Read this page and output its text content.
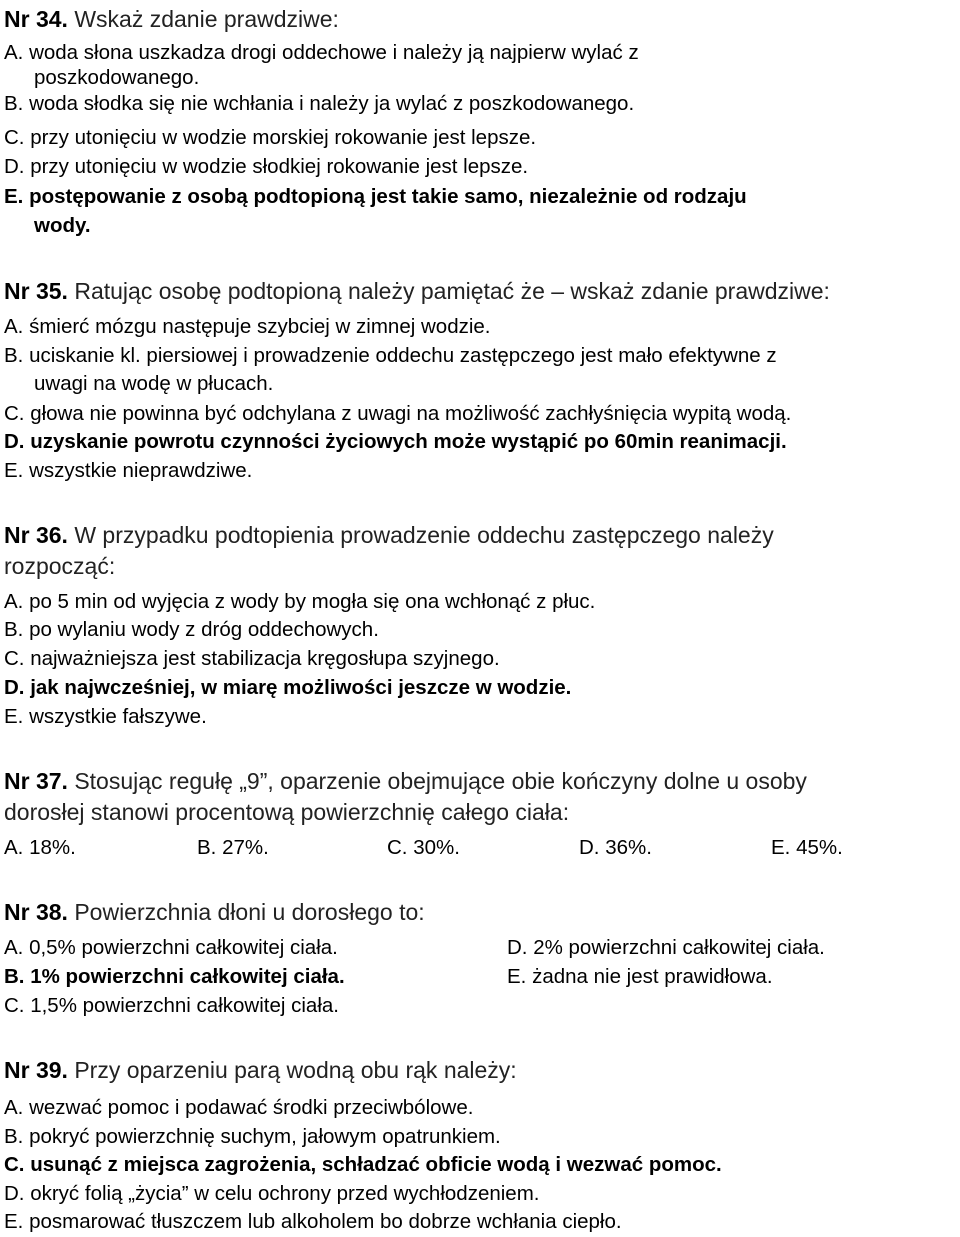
Nr 34. Wskaż zdanie prawdziwe:
A. woda słona uszkadza drogi oddechowe i należy ją najpierw wylać z
poszkodowanego.
B. woda słodka się nie wchłania i należy ja wylać z poszkodowanego.
C. przy utonięciu w wodzie morskiej rokowanie jest lepsze.
D. przy utonięciu w wodzie słodkiej rokowanie jest lepsze.
E. postępowanie z osobą podtopioną jest takie samo, niezależnie od rodzaju
wody.
Nr 35. Ratując osobę podtopioną należy pamiętać że – wskaż zdanie prawdziwe:
A. śmierć mózgu następuje szybciej w zimnej wodzie.
B. uciskanie kl. piersiowej i prowadzenie oddechu zastępczego jest mało efektywne z
uwagi na wodę w płucach.
C. głowa nie powinna być odchylana z uwagi na możliwość zachłyśnięcia wypitą wodą.
D. uzyskanie powrotu czynności życiowych może wystąpić po 60min reanimacji.
E. wszystkie nieprawdziwe.
Nr 36. W przypadku podtopienia prowadzenie oddechu zastępczego należy
rozpocząć:
A. po 5 min od wyjęcia z wody by mogła się ona wchłonąć z płuc.
B. po wylaniu wody z dróg oddechowych.
C. najważniejsza jest stabilizacja kręgosłupa szyjnego.
D. jak najwcześniej, w miarę możliwości jeszcze w wodzie.
E. wszystkie fałszywe.
Nr 37. Stosując regułę „9”, oparzenie obejmujące obie kończyny dolne u osoby
dorosłej stanowi procentową powierzchnię całego ciała:
A. 18%.	B. 27%.	C. 30%.	D. 36%.	E. 45%.
Nr 38. Powierzchnia dłoni u dorosłego to:
A. 0,5% powierzchni całkowitej ciała.	D. 2% powierzchni całkowitej ciała.
B. 1% powierzchni całkowitej ciała.	E. żadna nie jest prawidłowa.
C. 1,5% powierzchni całkowitej ciała.
Nr 39. Przy oparzeniu parą wodną obu rąk należy:
A. wezwać pomoc i podawać środki przeciwbólowe.
B. pokryć powierzchnię suchym, jałowym opatrunkiem.
C. usunąć z miejsca zagrożenia, schładzać obficie wodą i wezwać pomoc.
D. okryć folią „życia” w celu ochrony przed wychłodzeniem.
E. posmarować tłuszczem lub alkoholem bo dobrze wchłania ciepło.
